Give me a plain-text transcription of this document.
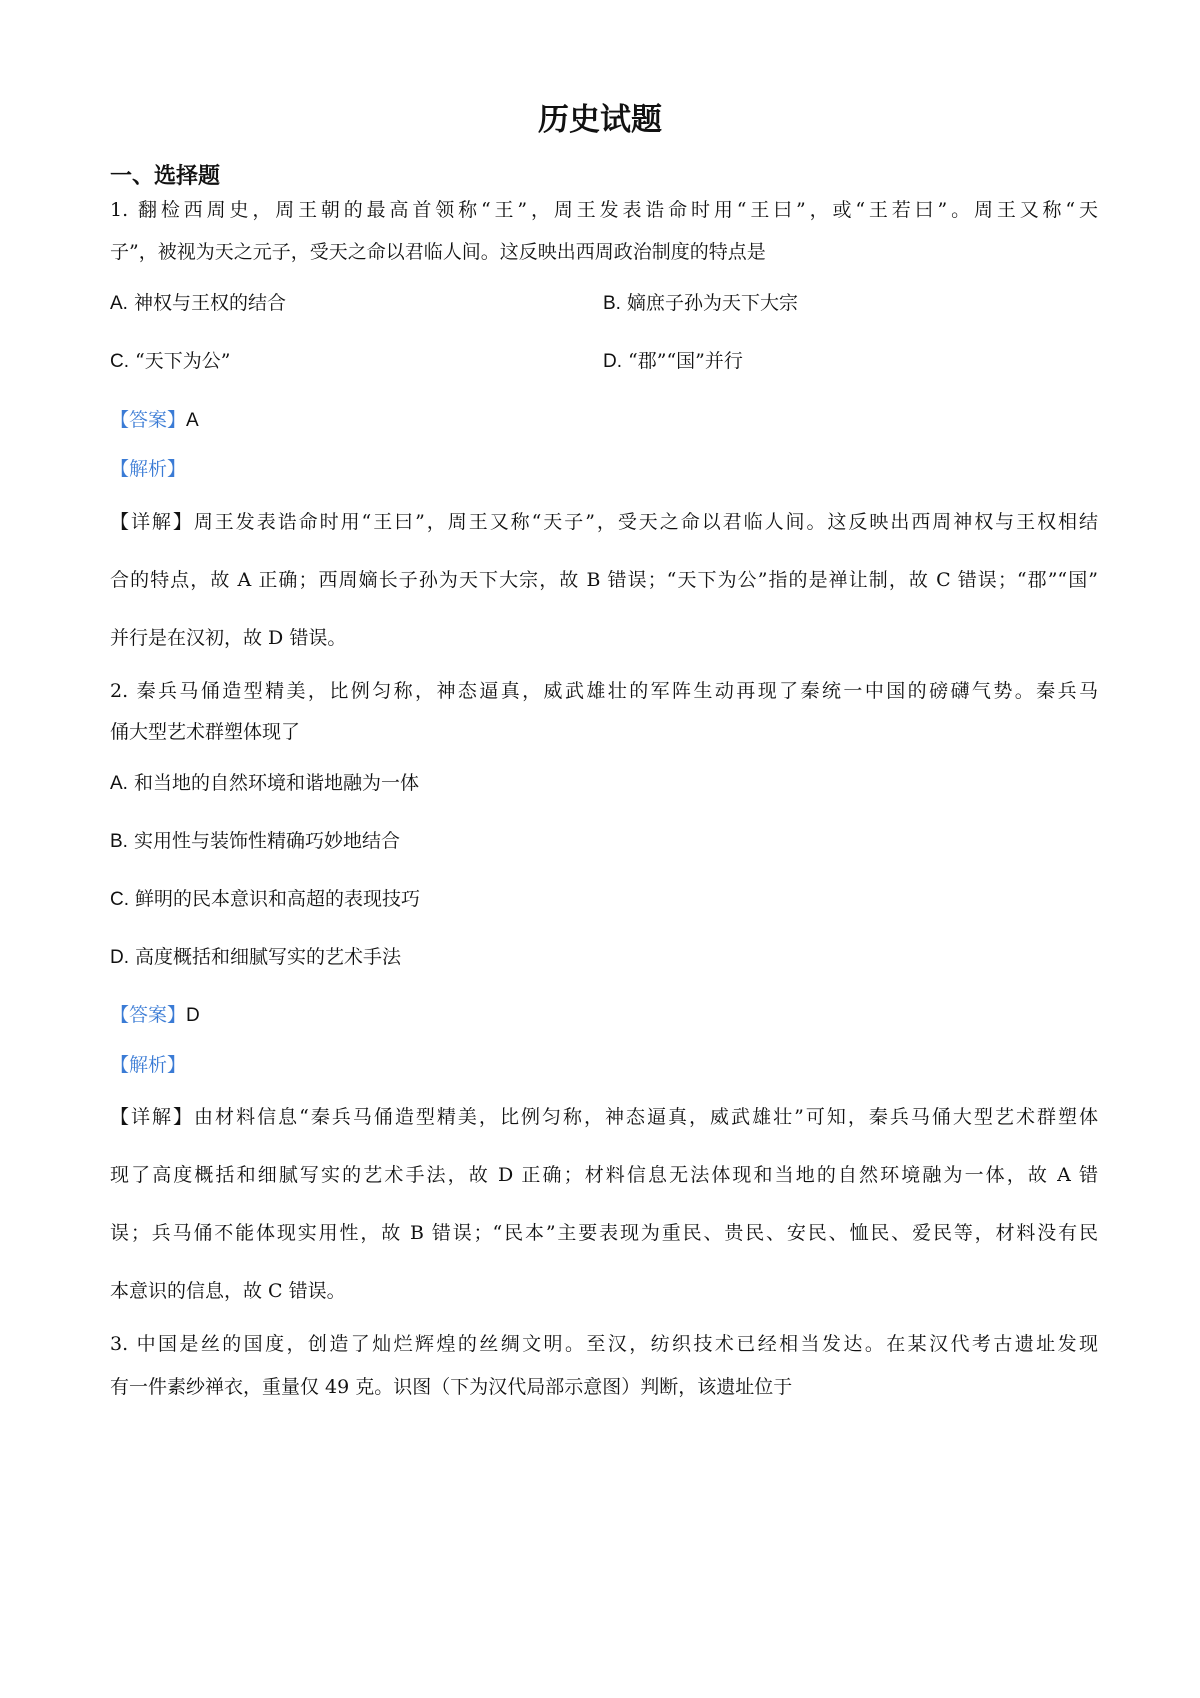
历史试题
一、选择题
1. 翻检西周史，周王朝的最高首领称“王”，周王发表诰命时用“王曰”，或“王若曰”。周王又称“天
子”，被视为天之元子，受天之命以君临人间。这反映出西周政治制度的特点是
A. 神权与王权的结合	B. 嫡庶子孙为天下大宗
C. “天下为公”	D. “郡”“国”并行
【答案】A
【解析】
【详解】周王发表诰命时用“王曰”，周王又称“天子”，受天之命以君临人间。这反映出西周神权与王权相结
合的特点，故 A 正确；西周嫡长子孙为天下大宗，故 B 错误；“天下为公”指的是禅让制，故 C 错误；“郡”“国”
并行是在汉初，故 D 错误。
2. 秦兵马俑造型精美，比例匀称，神态逼真，威武雄壮的军阵生动再现了秦统一中国的磅礴气势。秦兵马
俑大型艺术群塑体现了
A. 和当地的自然环境和谐地融为一体
B. 实用性与装饰性精确巧妙地结合
C. 鲜明的民本意识和高超的表现技巧
D. 高度概括和细腻写实的艺术手法
【答案】D
【解析】
【详解】由材料信息“秦兵马俑造型精美，比例匀称，神态逼真，威武雄壮”可知，秦兵马俑大型艺术群塑体
现了高度概括和细腻写实的艺术手法，故 D 正确；材料信息无法体现和当地的自然环境融为一体，故 A 错
误；兵马俑不能体现实用性，故 B 错误；“民本”主要表现为重民、贵民、安民、恤民、爱民等，材料没有民
本意识的信息，故 C 错误。
3. 中国是丝的国度，创造了灿烂辉煌的丝绸文明。至汉，纺织技术已经相当发达。在某汉代考古遗址发现
有一件素纱禅衣，重量仅 49 克。识图（下为汉代局部示意图）判断，该遗址位于
